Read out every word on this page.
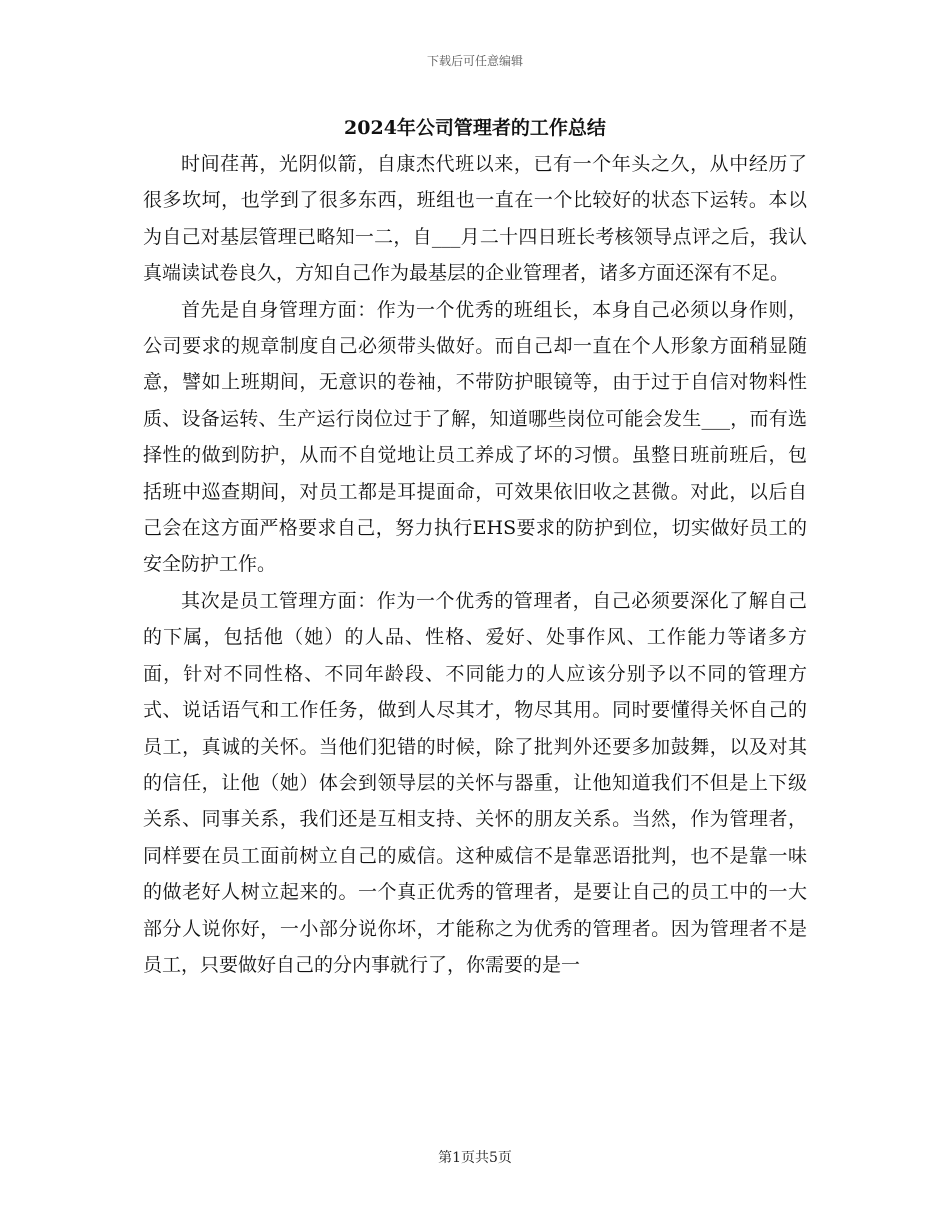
下载后可任意编辑
2024年公司管理者的工作总结

时间荏苒，光阴似箭，自康杰代班以来，已有一个年头之久，从中经历了很多坎坷，也学到了很多东西，班组也一直在一个比较好的状态下运转。本以为自己对基层管理已略知一二，自___月二十四日班长考核领导点评之后，我认真端读试卷良久，方知自己作为最基层的企业管理者，诸多方面还深有不足。

首先是自身管理方面：作为一个优秀的班组长，本身自己必须以身作则，公司要求的规章制度自己必须带头做好。而自己却一直在个人形象方面稍显随意，譬如上班期间，无意识的卷袖，不带防护眼镜等，由于过于自信对物料性质、设备运转、生产运行岗位过于了解，知道哪些岗位可能会发生___，而有选择性的做到防护，从而不自觉地让员工养成了坏的习惯。虽整日班前班后，包括班中巡查期间，对员工都是耳提面命，可效果依旧收之甚微。对此，以后自己会在这方面严格要求自己，努力执行EHS要求的防护到位，切实做好员工的安全防护工作。

其次是员工管理方面：作为一个优秀的管理者，自己必须要深化了解自己的下属，包括他（她）的人品、性格、爱好、处事作风、工作能力等诸多方面，针对不同性格、不同年龄段、不同能力的人应该分别予以不同的管理方式、说话语气和工作任务，做到人尽其才，物尽其用。同时要懂得关怀自己的员工，真诚的关怀。当他们犯错的时候，除了批判外还要多加鼓舞，以及对其的信任，让他（她）体会到领导层的关怀与器重，让他知道我们不但是上下级关系、同事关系，我们还是互相支持、关怀的朋友关系。当然，作为管理者，同样要在员工面前树立自己的威信。这种威信不是靠恶语批判，也不是靠一味的做老好人树立起来的。一个真正优秀的管理者，是要让自己的员工中的一大部分人说你好，一小部分说你坏，才能称之为优秀的管理者。因为管理者不是员工，只要做好自己的分内事就行了，你需要的是一

第1页共5页
